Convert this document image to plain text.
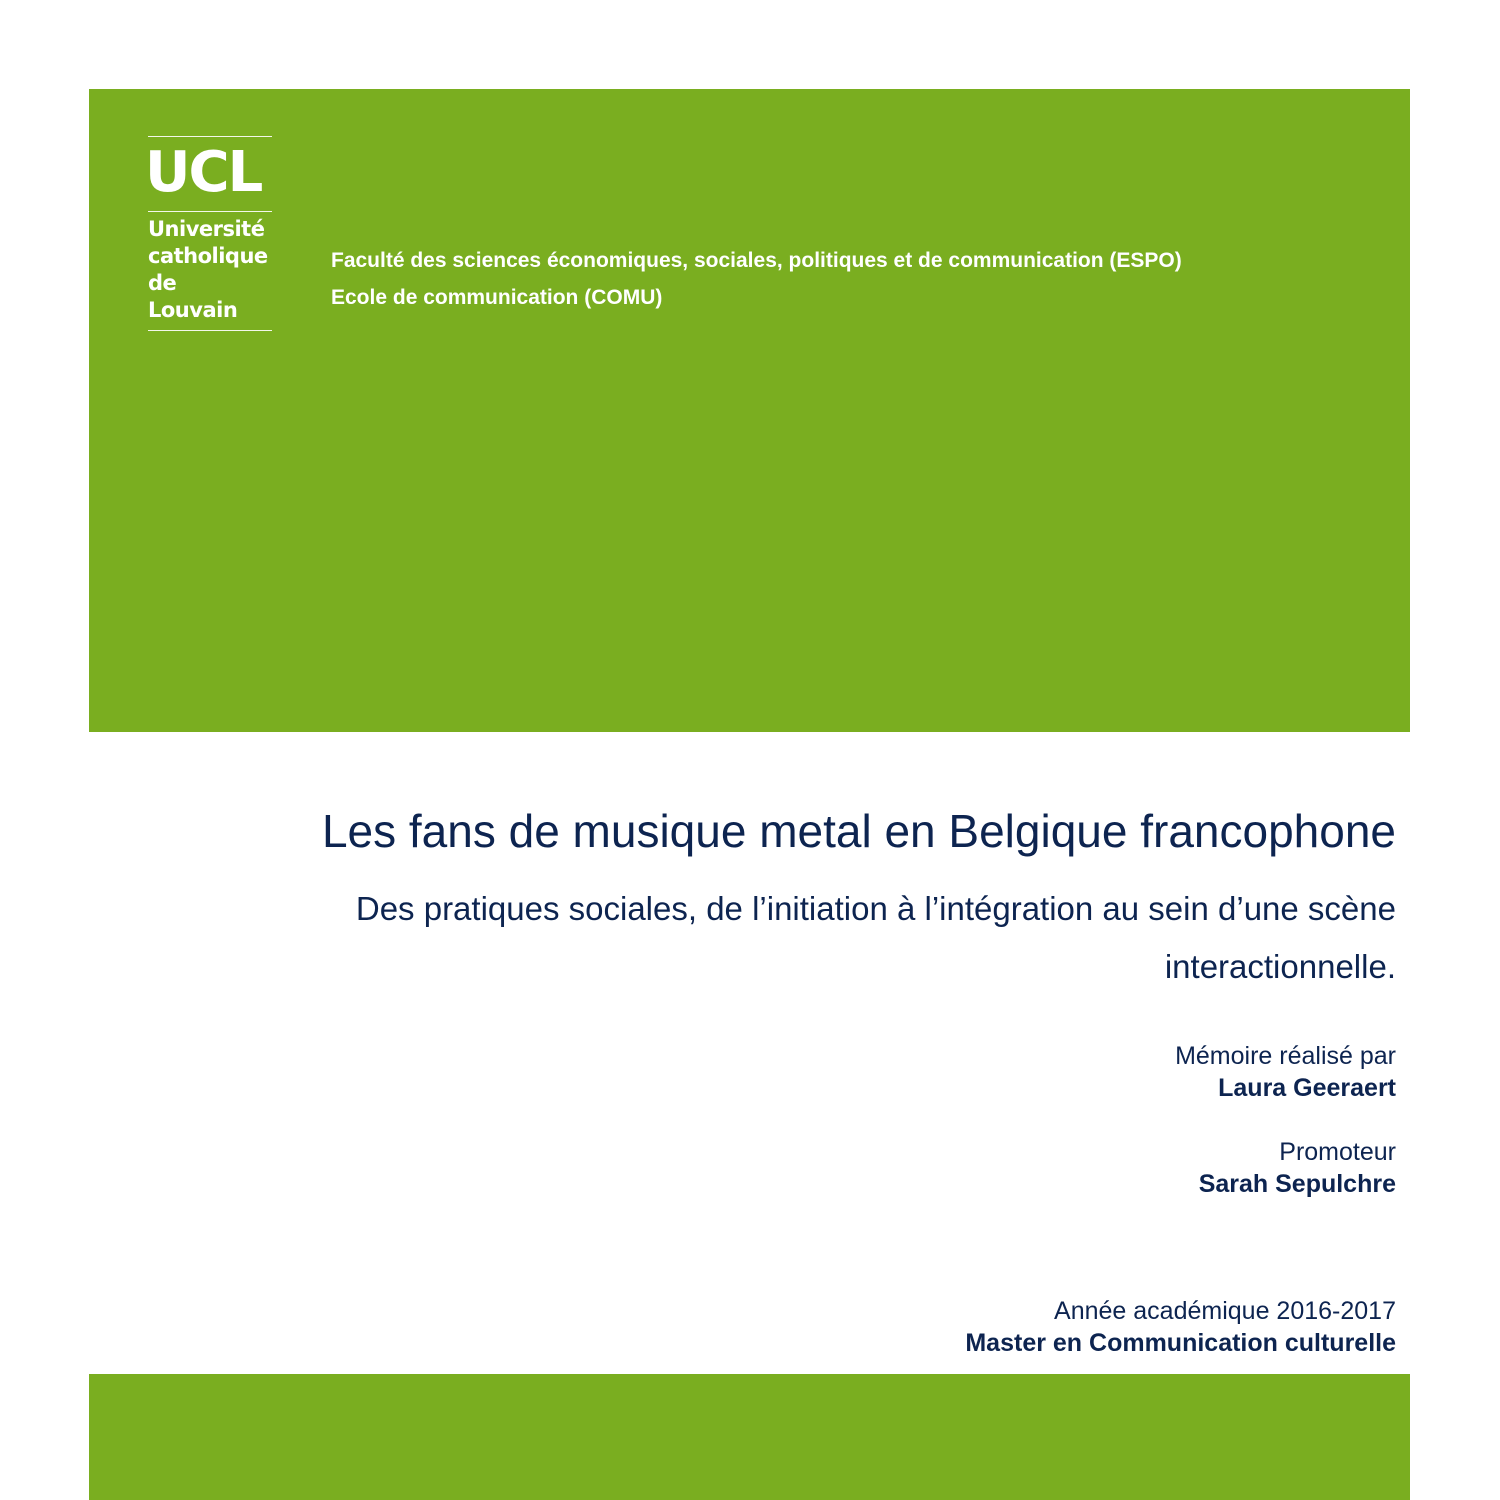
UCL
Université
catholique
de Louvain
Faculté des sciences économiques, sociales, politiques et de communication (ESPO)
Ecole de communication (COMU)
Les fans de musique metal en Belgique francophone
Des pratiques sociales, de l’initiation à l’intégration au sein d’une scène
interactionnelle.
Mémoire réalisé par
Laura Geeraert
Promoteur
Sarah Sepulchre
Année académique 2016-2017
Master en Communication culturelle
